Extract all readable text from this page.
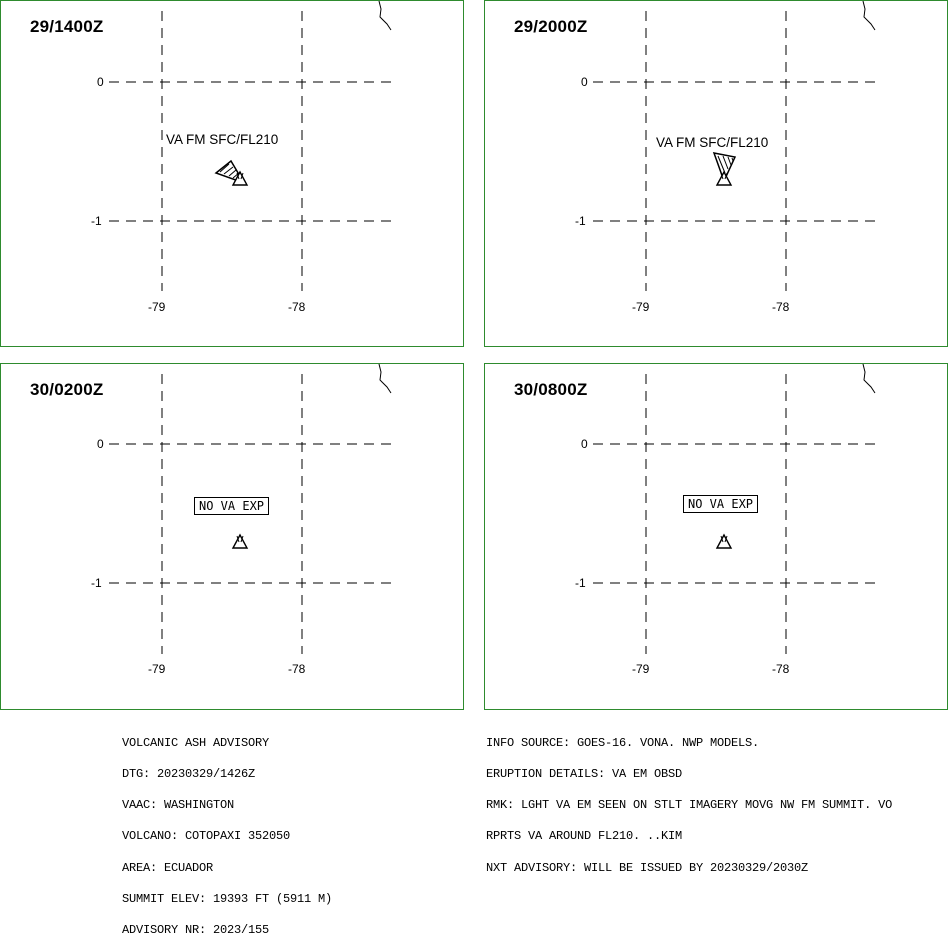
29/1400Z
0
-1
-79	-78
VA FM SFC/FL210
29/2000Z
0
-1
-79	-78
VA FM SFC/FL210
30/0200Z
0
-1
-79	-78
NO VA EXP
30/0800Z
0
-1
-79	-78
NO VA EXP

VOLCANIC ASH ADVISORY

DTG: 20230329/1426Z

VAAC: WASHINGTON

VOLCANO: COTOPAXI 352050

AREA: ECUADOR

SUMMIT ELEV: 19393 FT (5911 M)

ADVISORY NR: 2023/155

INFO SOURCE: GOES-16. VONA. NWP MODELS.

ERUPTION DETAILS: VA EM OBSD

RMK: LGHT VA EM SEEN ON STLT IMAGERY MOVG NW FM SUMMIT. VO

RPRTS VA AROUND FL210. ..KIM

NXT ADVISORY: WILL BE ISSUED BY 20230329/2030Z
